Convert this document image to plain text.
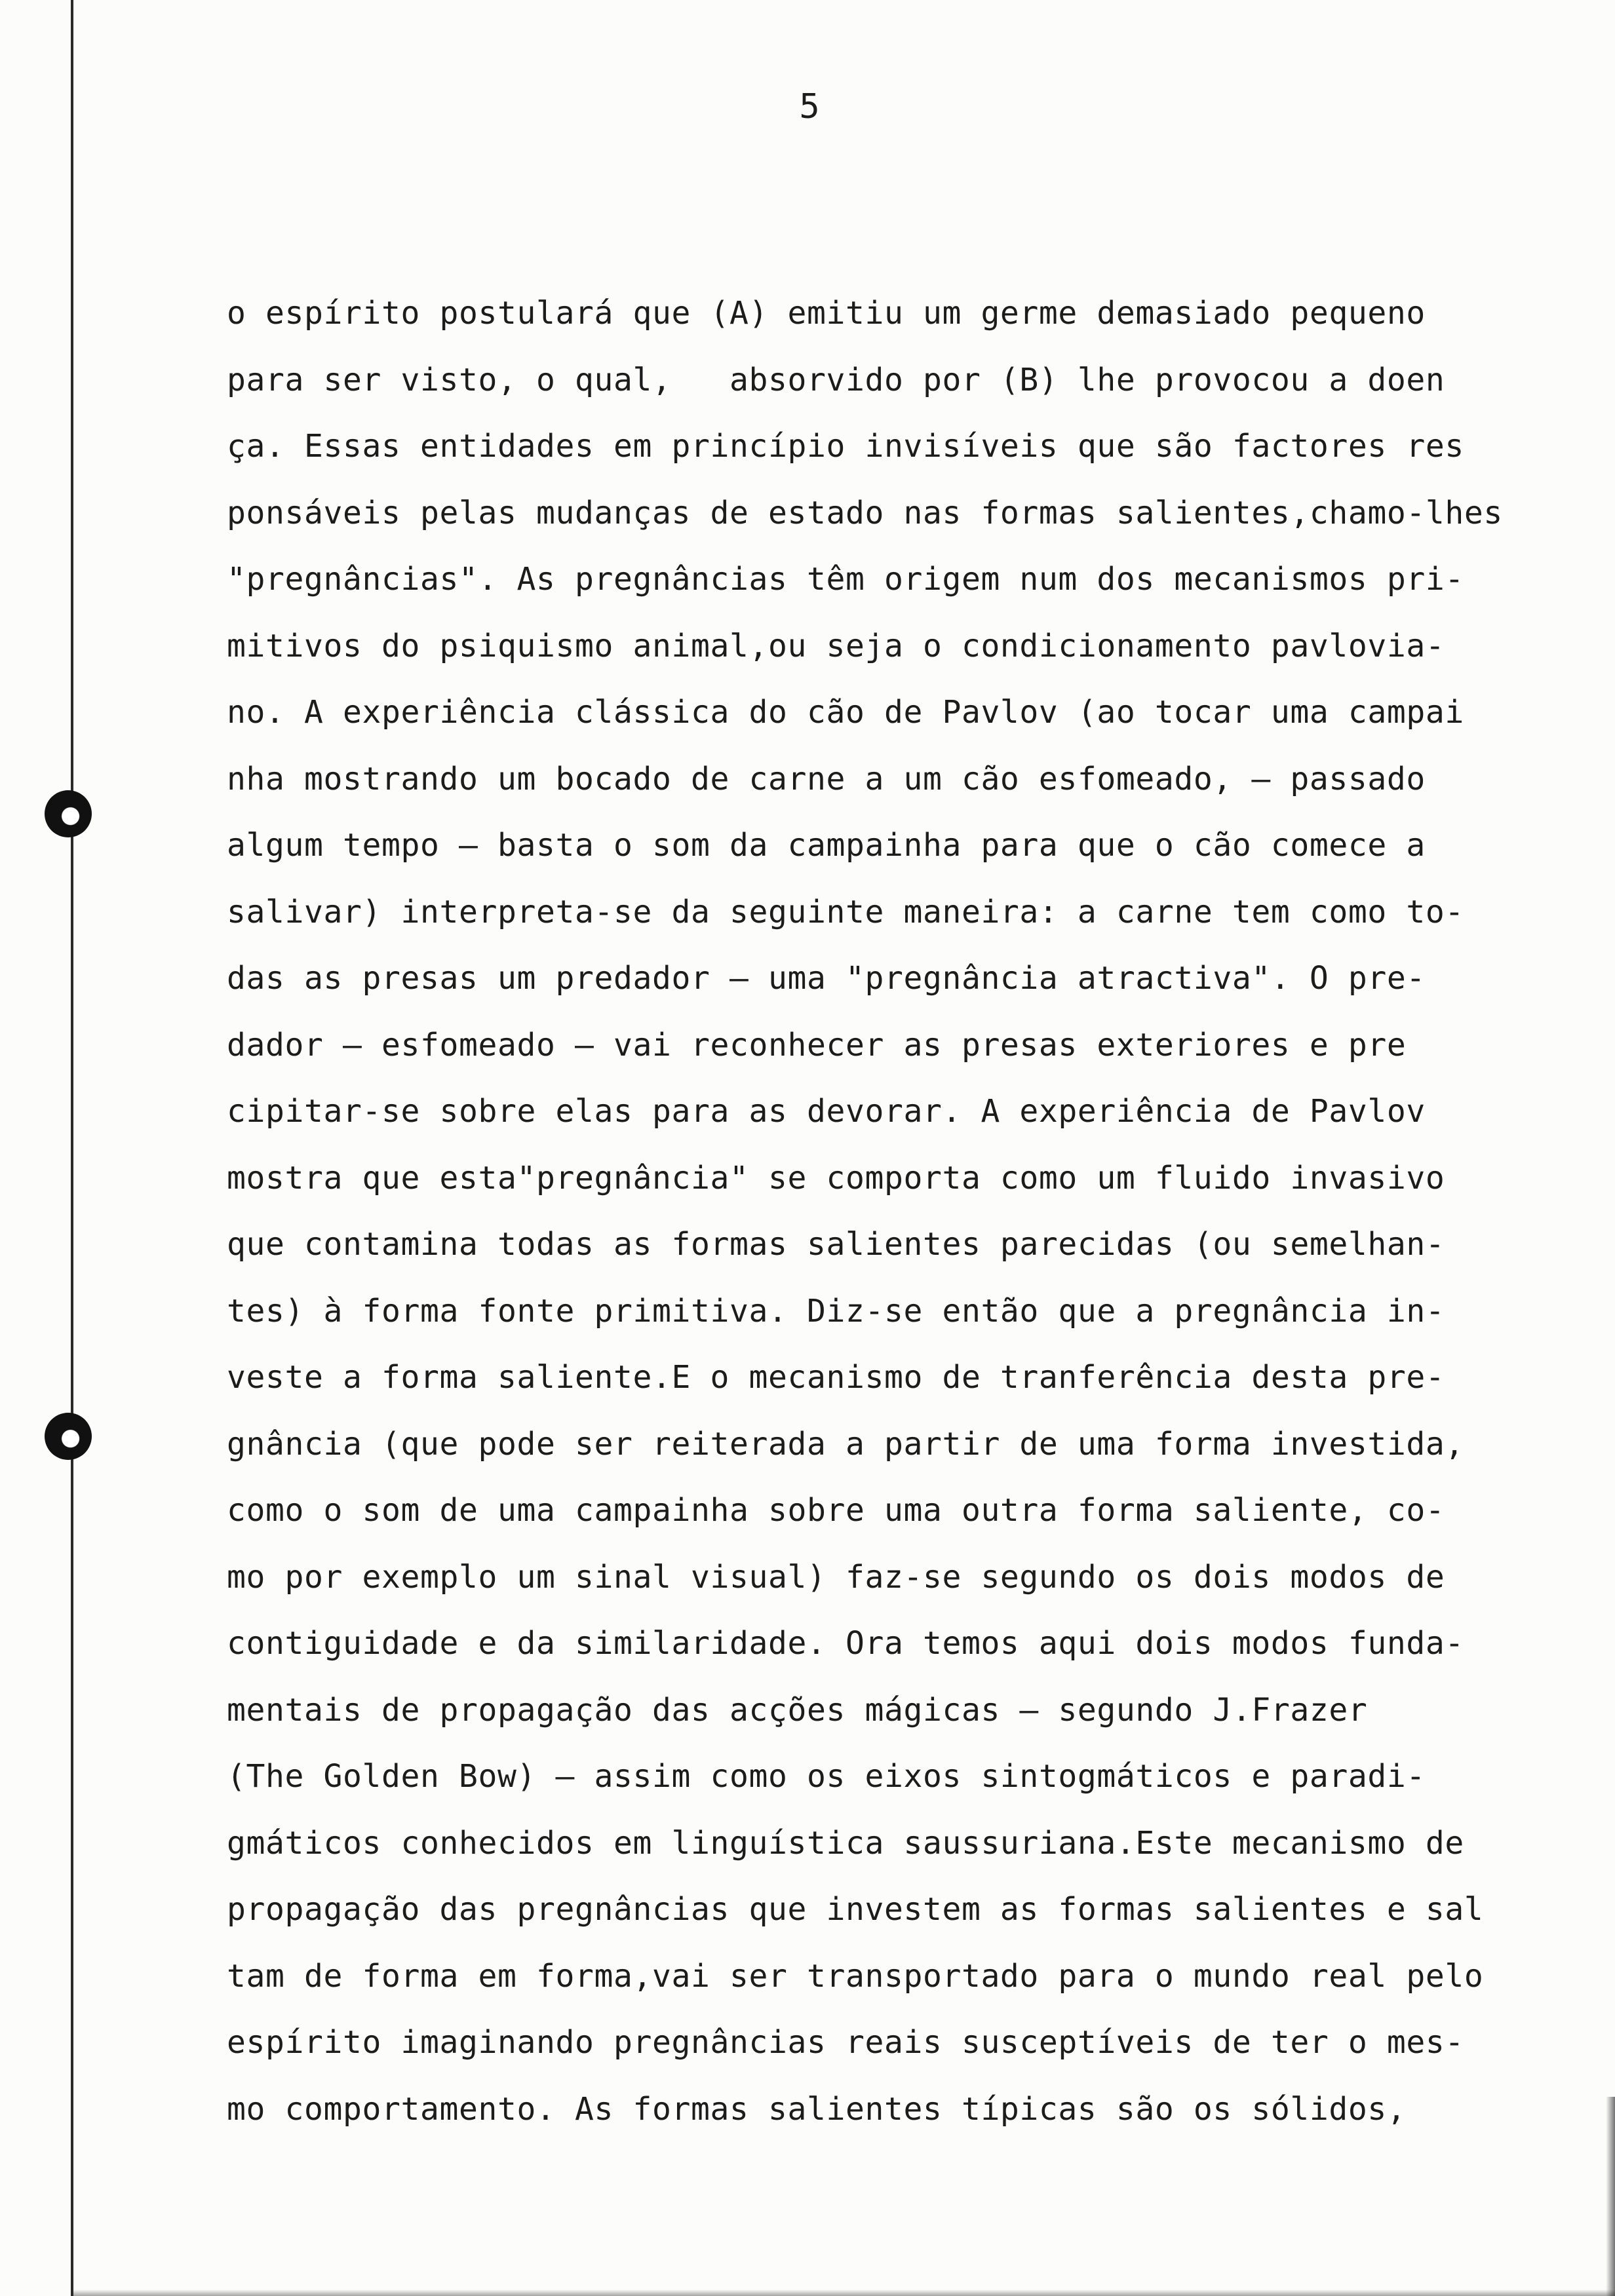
5
o espírito postulará que (A) emitiu um germe demasiado pequeno
para ser visto, o qual,   absorvido por (B) lhe provocou a doen
ça. Essas entidades em princípio invisíveis que são factores res
ponsáveis pelas mudanças de estado nas formas salientes,chamo-lhes
"pregnâncias". As pregnâncias têm origem num dos mecanismos pri-
mitivos do psiquismo animal,ou seja o condicionamento pavlovia-
no. A experiência clássica do cão de Pavlov (ao tocar uma campai
nha mostrando um bocado de carne a um cão esfomeado, — passado
algum tempo — basta o som da campainha para que o cão comece a
salivar) interpreta-se da seguinte maneira: a carne tem como to-
das as presas um predador — uma "pregnância atractiva". O pre-
dador — esfomeado — vai reconhecer as presas exteriores e pre
cipitar-se sobre elas para as devorar. A experiência de Pavlov
mostra que esta"pregnância" se comporta como um fluido invasivo
que contamina todas as formas salientes parecidas (ou semelhan-
tes) à forma fonte primitiva. Diz-se então que a pregnância in-
veste a forma saliente.E o mecanismo de tranferência desta pre-
gnância (que pode ser reiterada a partir de uma forma investida,
como o som de uma campainha sobre uma outra forma saliente, co-
mo por exemplo um sinal visual) faz-se segundo os dois modos de
contiguidade e da similaridade. Ora temos aqui dois modos funda-
mentais de propagação das acções mágicas — segundo J.Frazer
(The Golden Bow) — assim como os eixos sintogmáticos e paradi-
gmáticos conhecidos em linguística saussuriana.Este mecanismo de
propagação das pregnâncias que investem as formas salientes e sal
tam de forma em forma,vai ser transportado para o mundo real pelo
espírito imaginando pregnâncias reais susceptíveis de ter o mes-
mo comportamento. As formas salientes típicas são os sólidos,
